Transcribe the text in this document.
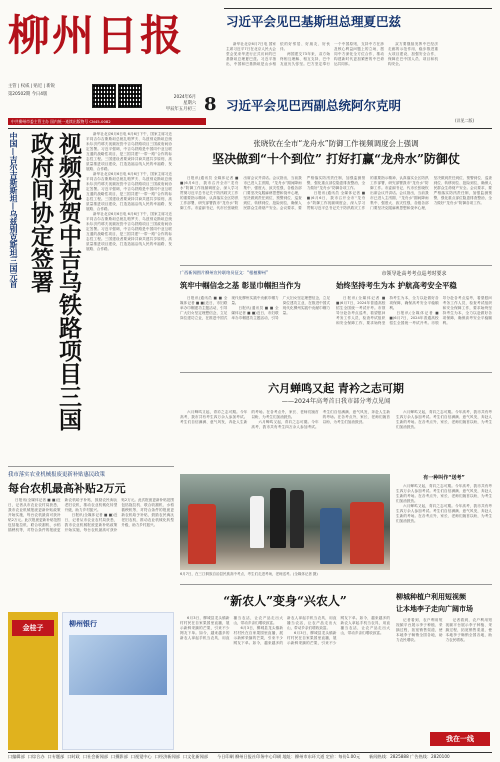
柳州日报
主管 | 权威 | 贴近 | 新锐
第20502期 今日4版
2024年6月
星期六
甲辰年五月初三 8
中共柳州市委主管主办 国内统一连续出版物号 CN45-0082
习近平会见巴基斯坦总理夏巴兹

新华社北京6月7日电 国家主席习近平7日在北京人民大会堂会见来华进行正式访问的巴基斯坦总理夏巴兹。习近平指出，中国和巴基斯坦是山水相依的好邻居、好朋友、好伙伴。

两国建交73年来，双方始终相互理解、相互支持，巴中友谊历久弥坚。巴方坚定奉行一个中国原则，支持中方在涉及核心利益问题上的立场，愿同中方深化全方位合作，推动构建新时代更加紧密的中巴命运共同体。

双方要继续发挥中巴经济走廊的示范作用，稳步推进重大项目建设，加强安全合作，保障在巴中国人员、项目和机构安全。

习近平会见巴西副总统阿尔克明
(详见二版)
中国—吉尔吉斯斯坦—乌兹别克斯坦三国元首	视频祝贺中吉乌铁路项目三国政府间协定签署	新华社北京6月6日电 6月6日下午，国家主席习近平同吉尔吉斯斯坦总统扎帕罗夫、乌兹别克斯坦总统米尔济约耶夫视频祝贺中吉乌铁路项目三国政府间协定签署。习近平强调，中吉乌铁路是中国同中亚互联互通的战略性项目，是三国共建“一带一路”合作的标志性工程。三国建设者要秉持共商共建共享原则，高质量推进项目建设，打造造福沿线人民的幸福路、发展路、合作路。

新华社北京6月6日电 6月6日下午，国家主席习近平同吉尔吉斯斯坦总统扎帕罗夫、乌兹别克斯坦总统米尔济约耶夫视频祝贺中吉乌铁路项目三国政府间协定签署。习近平强调，中吉乌铁路是中国同中亚互联互通的战略性项目，是三国共建“一带一路”合作的标志性工程。三国建设者要秉持共商共建共享原则，高质量推进项目建设，打造造福沿线人民的幸福路、发展路、合作路。

新华社北京6月6日电 6月6日下午，国家主席习近平同吉尔吉斯斯坦总统扎帕罗夫、乌兹别克斯坦总统米尔济约耶夫视频祝贺中吉乌铁路项目三国政府间协定签署。习近平强调，中吉乌铁路是中国同中亚互联互通的战略性项目，是三国共建“一带一路”合作的标志性工程。三国建设者要秉持共商共建共享原则，高质量推进项目建设，打造造福沿线人民的幸福路、发展路、合作路。

张晓钦在全市“龙舟水”防御工作视频调度会上强调
坚决做到“十个到位” 打好打赢“龙舟水”防御仗

日报讯(通讯员 全媒体记者 ■ ■)6月6日，我市召开全市“龙舟水”防御工作视频调度会，深入学习贯彻习近平总书记关于防汛救灾工作的重要指示精神，认真落实全区防汛工作部署，研究部署我市“龙舟水”防御工作。市委副书记、代市长张晓钦出席会议并讲话。会议指出，当前我市已进入主汛期，“龙舟水”期间降雨集中、强度大、致灾性强，各级各部门要坚决克服麻痹思想和侥幸心理，坚决做到责任到位、预警到位、巡查到位、转移到位、抢险到位，确保人民群众生命财产安全。会议要求，要严格落实防汛责任制，加强监测预警，强化重点部位隐患排查整治，全力做好“龙舟水”防御各项工作。

日报讯(通讯员 全媒体记者 ■ ■)6月6日，我市召开全市“龙舟水”防御工作视频调度会，深入学习贯彻习近平总书记关于防汛救灾工作的重要指示精神，认真落实全区防汛工作部署，研究部署我市“龙舟水”防御工作。市委副书记、代市长张晓钦出席会议并讲话。会议指出，当前我市已进入主汛期，“龙舟水”期间降雨集中、强度大、致灾性强，各级各部门要坚决克服麻痹思想和侥幸心理，坚决做到责任到位、预警到位、巡查到位、转移到位、抢险到位，确保人民群众生命财产安全。会议要求，要严格落实防汛责任制，加强监测预警，强化重点部位隐患排查整治，全力做好“龙舟水”防御各项工作。

广西新闻图片柳州宣传联络员征文：“根植柳州”
筑牢中帼信念之基 彰显巾帼担当作为

日报讯(通讯员 ■ ■ 全媒体记者 ■ ■)近日，市妇联举办巾帼建功主题活动，引导广大妇女坚定理想信念，立足岗位建功立业，在推进中国式现代化柳州实践中贡献巾帼力量。

日报讯(通讯员 ■ ■ 全媒体记者 ■ ■)近日，市妇联举办巾帼建功主题活动，引导广大妇女坚定理想信念，立足岗位建功立业，在推进中国式现代化柳州实践中贡献巾帼力量。

市领导赴高考考点巡考时要求
始终坚持考生为本 护航高考安全平稳

日报讯(全媒体记者 ■ ■)6月7日，2024年普通高校招生全国统一考试开考。市领导分赴各考点巡考，看望慰问考务工作人员，检查考试组织和安全保障工作，要求始终坚持考生为本，全力以赴做好各项保障，确保高考安全平稳顺利。

日报讯(全媒体记者 ■ ■)6月7日，2024年普通高校招生全国统一考试开考。市领导分赴各考点巡考，看望慰问考务工作人员，检查考试组织和安全保障工作，要求始终坚持考生为本，全力以赴做好各项保障，确保高考安全平稳顺利。

六月蝉鸣又起 青衿之志可期
——2024年高考首日我市部分考点见闻

六月蝉鸣又起，青衿之志可期。今年高考，我市共有考生四万余人参加考试。考生们自信满满、意气风发，奔赴人生新的考场。在各考点外，家长、老师们翘首以盼，为考生们加油鼓劲。

六月蝉鸣又起，青衿之志可期。今年高考，我市共有考生四万余人参加考试。考生们自信满满、意气风发，奔赴人生新的考场。在各考点外，家长、老师们翘首以盼，为考生们加油鼓劲。

6月7日，在三江侗族自治县民族高中考点，考生们走进考场，老师送考。(全媒体记者 摄)

六月蝉鸣又起，青衿之志可期。今年高考，我市共有考生四万余人参加考试。考生们自信满满、意气风发，奔赴人生新的考场。在各考点外，家长、老师们翘首以盼，为考生们加油鼓劲。

有一种叫作“送考”

六月蝉鸣又起，青衿之志可期。今年高考，我市共有考生四万余人参加考试。考生们自信满满、意气风发，奔赴人生新的考场。在各考点外，家长、老师们翘首以盼，为考生们加油鼓劲。

六月蝉鸣又起，青衿之志可期。今年高考，我市共有考生四万余人参加考试。考生们自信满满、意气风发，奔赴人生新的考场。在各考点外，家长、老师们翘首以盼，为考生们加油鼓劲。

我市落实农业机械报废更新补贴惠民政策
每台农机最高补贴2万元

日报讯(全媒体记者 ■ ■)近日，记者从市农业农村局获悉，我市农业机械报废更新补贴政策开始实施，每台农机最高可获补贴2万元。此次报废更新补贴范围包括拖拉机、联合收割机、水稻插秧机等，对符合条件的报废更新农机给予补贴，鼓励农民淘汰老旧农机，推动农业机械化转型升级，助力乡村振兴。

日报讯(全媒体记者 ■ ■)近日，记者从市农业农村局获悉，我市农业机械报废更新补贴政策开始实施，每台农机最高可获补贴2万元。此次报废更新补贴范围包括拖拉机、联合收割机、水稻插秧机等，对符合条件的报废更新农机给予补贴，鼓励农民淘汰老旧农机，推动农业机械化转型升级，助力乡村振兴。

金桂子	柳州银行
“新农人”变身“兴农人”

6月3日，柳城县龙头镇新村村民在自家果园里直播，展示新鲜采摘的芒果，引来不少网友下单。如今，越来越多的新农人拿起手机当农具，用直播当农活，让农产品走出大山，带动乡亲们增收致富。

6月3日，柳城县龙头镇新村村民在自家果园里直播，展示新鲜采摘的芒果，引来不少网友下单。如今，越来越多的新农人拿起手机当农具，用直播当农活，让农产品走出大山，带动乡亲们增收致富。

6月3日，柳城县龙头镇新村村民在自家果园里直播，展示新鲜采摘的芒果，引来不少网友下单。如今，越来越多的新农人拿起手机当农具，用直播当农活，让农产品走出大山，带动乡亲们增收致富。

柳城种植户利用短视频
让本地李子走向广阔市场

记者看到，农户利用短视频平台展示李子种植、采摘过程，拓宽销售渠道，使本地李子畅销全国各地，助力农民增收。

记者看到，农户利用短视频平台展示李子种植、采摘过程，拓宽销售渠道，使本地李子畅销全国各地，助力农民增收。

我在一线
口编辑部 口综合办 口专题部 口时政 口社会新闻部 口摄影部 口视觉中心 口经济新闻部 口文化新闻部 今日印刷 柳州日报社印务中心印刷 地址：柳州市东环大道 定价：每份1.00元 新闻热线：2825888 广告热线：2820100
